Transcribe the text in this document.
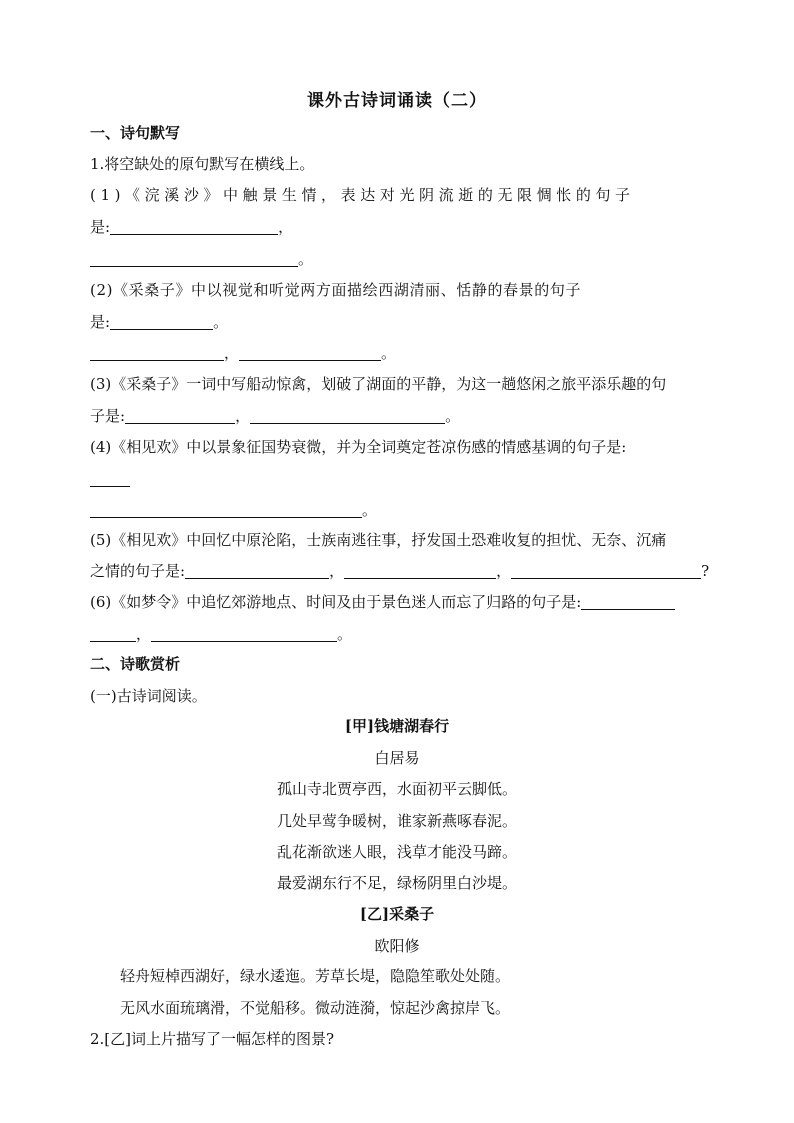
课外古诗词诵读（二）
一、诗句默写
1.将空缺处的原句默写在横线上。
(1)《浣溪沙》中触景生情，表达对光阴流逝的无限惆怅的句子
是:	，
。
(2)《采桑子》中以视觉和听觉两方面描绘西湖清丽、恬静的春景的句子
是:	。
，	。
(3)《采桑子》一词中写船动惊禽，划破了湖面的平静，为这一趟悠闲之旅平添乐趣的句
子是:	，	。
(4)《相见欢》中以景象征国势衰微，并为全词奠定苍凉伤感的情感基调的句子是:
。
(5)《相见欢》中回忆中原沦陷，士族南逃往事，抒发国土恐难收复的担忧、无奈、沉痛
之情的句子是:	，	，	?
(6)《如梦令》中追忆郊游地点、时间及由于景色迷人而忘了归路的句子是:
，	。
二、诗歌赏析
(一)古诗词阅读。
[甲]钱塘湖春行
白居易
孤山寺北贾亭西，水面初平云脚低。
几处早莺争暖树，谁家新燕啄春泥。
乱花渐欲迷人眼，浅草才能没马蹄。
最爱湖东行不足，绿杨阴里白沙堤。
[乙]采桑子
欧阳修
轻舟短棹西湖好，绿水逶迤。芳草长堤，隐隐笙歌处处随。
无风水面琉璃滑，不觉船移。微动涟漪，惊起沙禽掠岸飞。
2.[乙]词上片描写了一幅怎样的图景?
